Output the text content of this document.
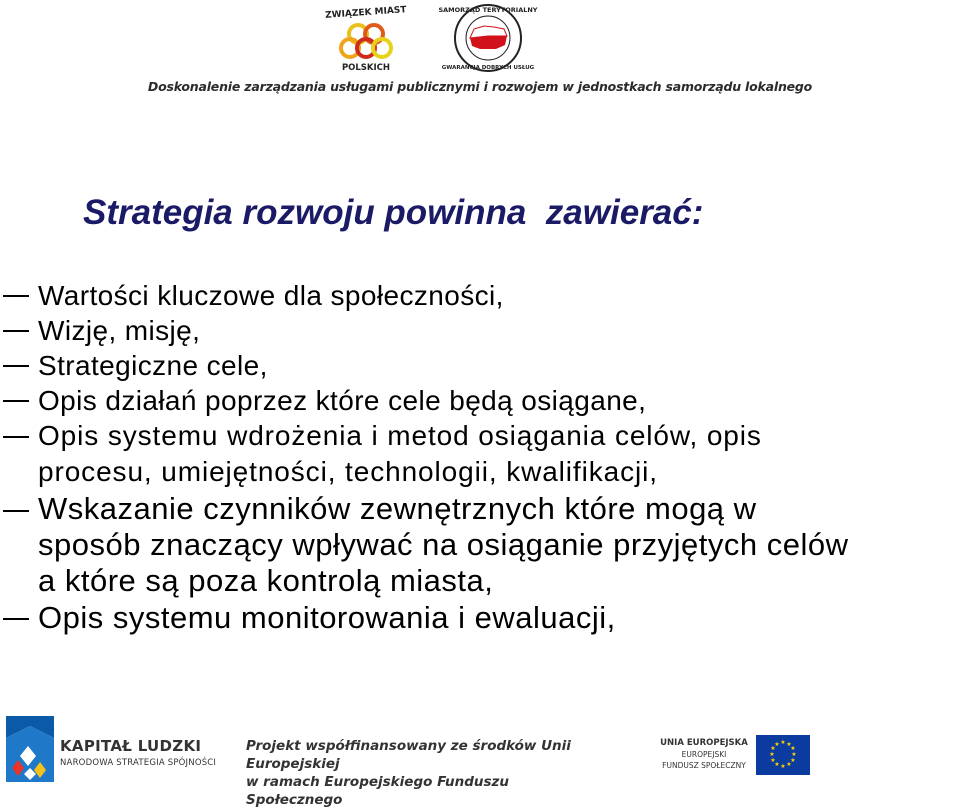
ZWIĄZEK MIAST
POLSKICH
SAMORZĄD TERYTORIALNY
GWARANCJA DOBRYCH USŁUG
Doskonalenie zarządzania usługami publicznymi i rozwojem w jednostkach samorządu lokalnego
Strategia rozwoju powinna  zawierać:
Wartości kluczowe dla społeczności,
Wizję, misję,
Strategiczne cele,
Opis działań poprzez które cele będą osiągane,
Opis systemu wdrożenia i metod osiągania celów, opis
procesu, umiejętności, technologii, kwalifikacji,
Wskazanie czynników zewnętrznych które mogą w
sposób znaczący wpływać na osiąganie przyjętych celów
a które są poza kontrolą miasta,
Opis systemu monitorowania i ewaluacji,
KAPITAŁ LUDZKI
NARODOWA STRATEGIA SPÓJNOŚCI
Projekt współfinansowany ze środków Unii Europejskiej
w ramach Europejskiego Funduszu Społecznego
UNIA EUROPEJSKA
EUROPEJSKI
FUNDUSZ SPOŁECZNY
★ ★
★
★
★
★
★
★
★
★
★
★
